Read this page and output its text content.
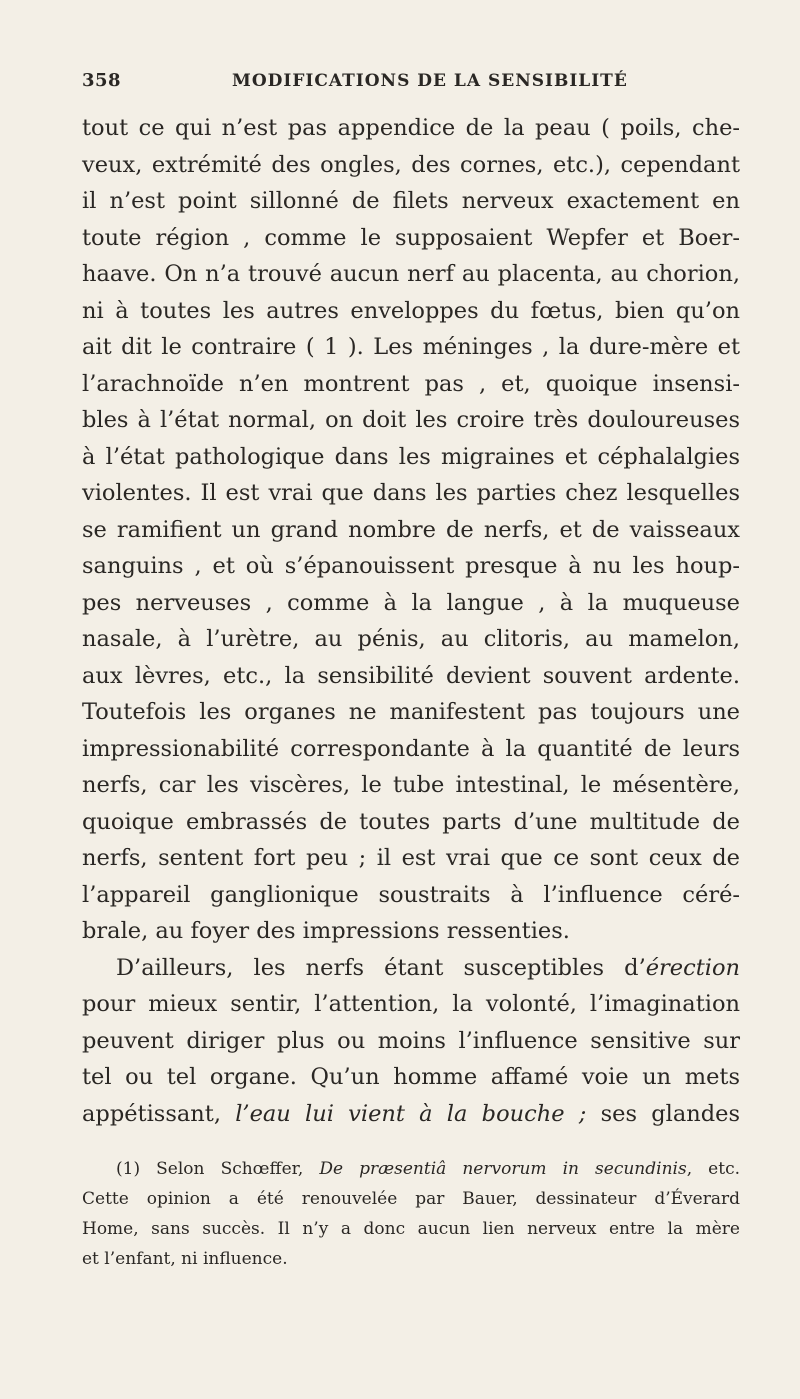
358	MODIFICATIONS DE LA SENSIBILITÉ
tout ce qui n’est pas appendice de la peau ( poils, che-
veux, extrémité des ongles, des cornes, etc.), cependant
il n’est point sillonné de filets nerveux exactement en
toute région , comme le supposaient Wepfer et Boer-
haave. On n’a trouvé aucun nerf au placenta, au chorion,
ni à toutes les autres enveloppes du fœtus, bien qu’on
ait dit le contraire ( 1 ). Les méninges , la dure-mère et
l’arachnoïde n’en montrent pas , et, quoique insensi-
bles à l’état normal, on doit les croire très douloureuses
à l’état pathologique dans les migraines et céphalalgies
violentes. Il est vrai que dans les parties chez lesquelles
se ramifient un grand nombre de nerfs, et de vaisseaux
sanguins , et où s’épanouissent presque à nu les houp-
pes nerveuses , comme à la langue , à la muqueuse
nasale, à l’urètre, au pénis, au clitoris, au mamelon,
aux lèvres, etc., la sensibilité devient souvent ardente.
Toutefois les organes ne manifestent pas toujours une
impressionabilité correspondante à la quantité de leurs
nerfs, car les viscères, le tube intestinal, le mésentère,
quoique embrassés de toutes parts d’une multitude de
nerfs, sentent fort peu ; il est vrai que ce sont ceux de
l’appareil ganglionique soustraits à l’influence céré-
brale, au foyer des impressions ressenties.
D’ailleurs, les nerfs étant susceptibles d’érection
pour mieux sentir, l’attention, la volonté, l’imagination
peuvent diriger plus ou moins l’influence sensitive sur
tel ou tel organe. Qu’un homme affamé voie un mets
appétissant, l’eau lui vient à la bouche ; ses glandes
(1) Selon Schœffer, De præsentiâ nervorum in secundinis, etc.
Cette opinion a été renouvelée par Bauer, dessinateur d’Éverard
Home, sans succès. Il n’y a donc aucun lien nerveux entre la mère
et l’enfant, ni influence.
